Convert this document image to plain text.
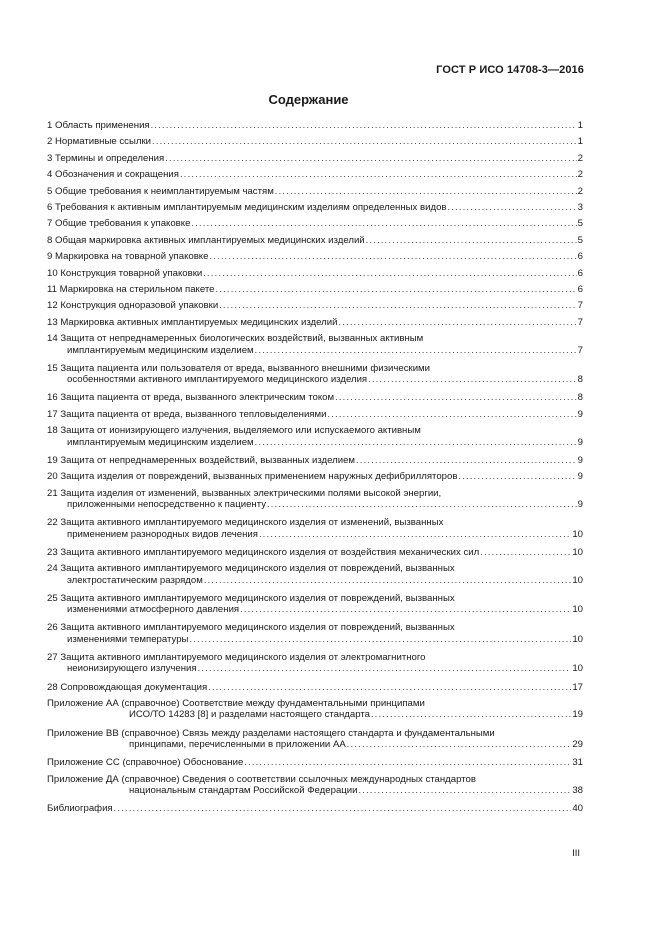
ГОСТ Р ИСО 14708-3—2016
Содержание
1 Область применения . . .	1
2 Нормативные ссылки . . .	1
3 Термины и определения . . .	2
4 Обозначения и сокращения . . .	2
5 Общие требования к неимплантируемым частям . . .	2
6 Требования к активным имплантируемым медицинским изделиям определенных видов . . .	3
7 Общие требования к упаковке . . .	5
8 Общая маркировка активных имплантируемых медицинских изделий . . .	5
9 Маркировка на товарной упаковке . . .	6
10 Конструкция товарной упаковки . . .	6
11 Маркировка на стерильном пакете . . .	6
12 Конструкция одноразовой упаковки . . .	7
13 Маркировка активных имплантируемых медицинских изделий . . .	7
14 Защита от непреднамеренных биологических воздействий, вызванных активным
имплантируемым медицинским изделием . . .	7
15 Защита пациента или пользователя от вреда, вызванного внешними физическими
особенностями активного имплантируемого медицинского изделия . . .	8
16 Защита пациента от вреда, вызванного электрическим током . . .	8
17 Защита пациента от вреда, вызванного тепловыделениями . . .	9
18 Защита от ионизирующего излучения, выделяемого или испускаемого активным
имплантируемым медицинским изделием . . .	9
19 Защита от непреднамеренных воздействий, вызванных изделием . . .	9
20 Защита изделия от повреждений, вызванных применением наружных дефибрилляторов . . .	9
21 Защита изделия от изменений, вызванных электрическими полями высокой энергии,
приложенными непосредственно к пациенту . . .	9
22 Защита активного имплантируемого медицинского изделия от изменений, вызванных
применением разнородных видов лечения . . .	10
23 Защита активного имплантируемого медицинского изделия от воздействия механических сил . . .	10
24 Защита активного имплантируемого медицинского изделия от повреждений, вызванных
электростатическим разрядом . . .	10
25 Защита активного имплантируемого медицинского изделия от повреждений, вызванных
изменениями атмосферного давления . . .	10
26 Защита активного имплантируемого медицинского изделия от повреждений, вызванных
изменениями температуры . . .	10
27 Защита активного имплантируемого медицинского изделия от электромагнитного
неионизирующего излучения . . .	10
28 Сопровождающая документация . . .	17
Приложение АА (справочное) Соответствие между фундаментальными принципами
ИСО/ТО 14283 [8] и разделами настоящего стандарта . . .	19
Приложение ВВ (справочное) Связь между разделами настоящего стандарта и фундаментальными
принципами, перечисленными в приложении АА . . .	29
Приложение СС (справочное) Обоснование . . .	31
Приложение ДА (справочное) Сведения о соответствии ссылочных международных стандартов
национальным стандартам Российской Федерации . . .	38
Библиография . . .	40
III
